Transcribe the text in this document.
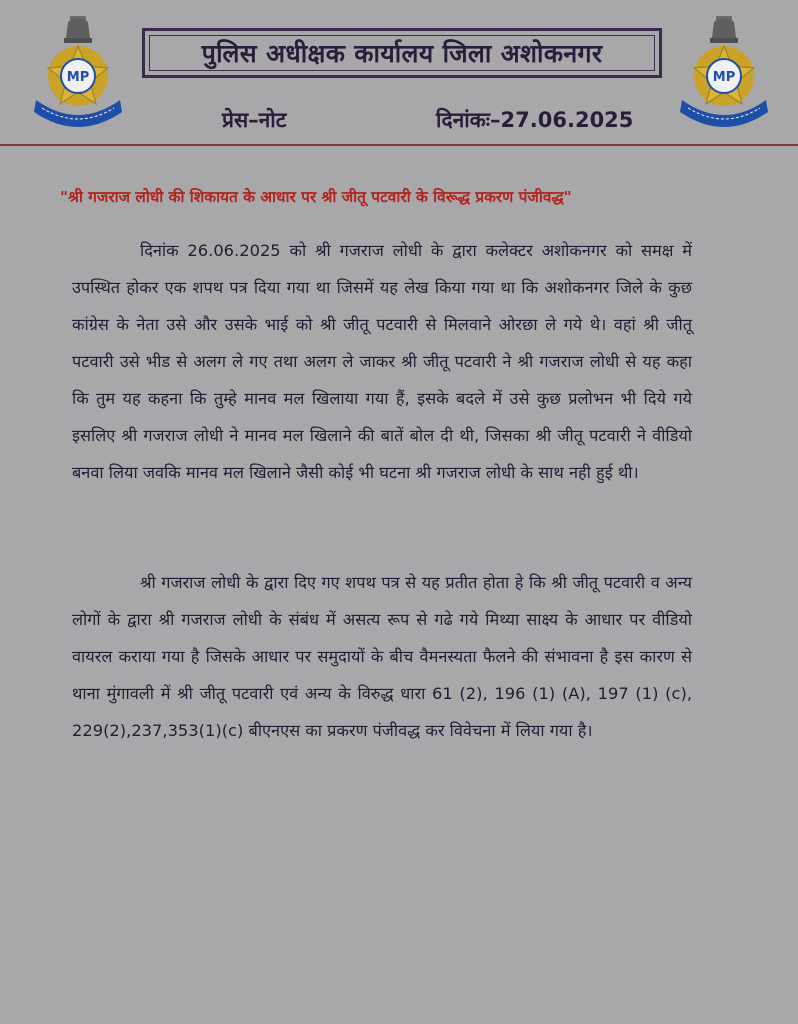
MP
पुलिस अधीक्षक कार्यालय जिला अशोकनगर
MP
प्रेस–नोट	दिनांकः–27.06.2025
"श्री गजराज लोधी की शिकायत के आधार पर श्री जीतू पटवारी के विरूद्ध प्रकरण पंजीवद्ध"

दिनांक 26.06.2025 को श्री गजराज लोधी के द्वारा कलेक्टर अशोकनगर को समक्ष में उपस्थित होकर एक शपथ पत्र दिया गया था जिसमें यह लेख किया गया था कि अशोकनगर जिले के कुछ कांग्रेस के नेता उसे और उसके भाई को श्री जीतू पटवारी से मिलवाने ओरछा ले गये थे। वहां श्री जीतू पटवारी उसे भीड से अलग ले गए तथा अलग ले जाकर श्री जीतू पटवारी ने श्री गजराज लोधी से यह कहा कि तुम यह कहना कि तुम्हे मानव मल खिलाया गया हैं, इसके बदले में उसे कुछ प्रलोभन भी दिये गये इसलिए श्री गजराज लोधी ने मानव मल खिलाने की बातें बोल दी थी, जिसका श्री जीतू पटवारी ने वीडियो बनवा लिया जवकि मानव मल खिलाने जैसी कोई भी घटना श्री गजराज लोधी के साथ नही हुई थी।

श्री गजराज लोधी के द्वारा दिए गए शपथ पत्र से यह प्रतीत होता हे कि श्री जीतू पटवारी व अन्य लोगों के द्वारा श्री गजराज लोधी के संबंध में असत्य रूप से गढे गये मिथ्या साक्ष्य के आधार पर वीडियो वायरल कराया गया है जिसके आधार पर समुदायों के बीच वैमनस्यता फैलने की संभावना है इस कारण से थाना मुंगावली में श्री जीतू पटवारी एवं अन्य के विरुद्ध धारा 61 (2), 196 (1) (A), 197 (1) (c), 229(2),237,353(1)(c) बीएनएस का प्रकरण पंजीवद्ध कर विवेचना में लिया गया है।
